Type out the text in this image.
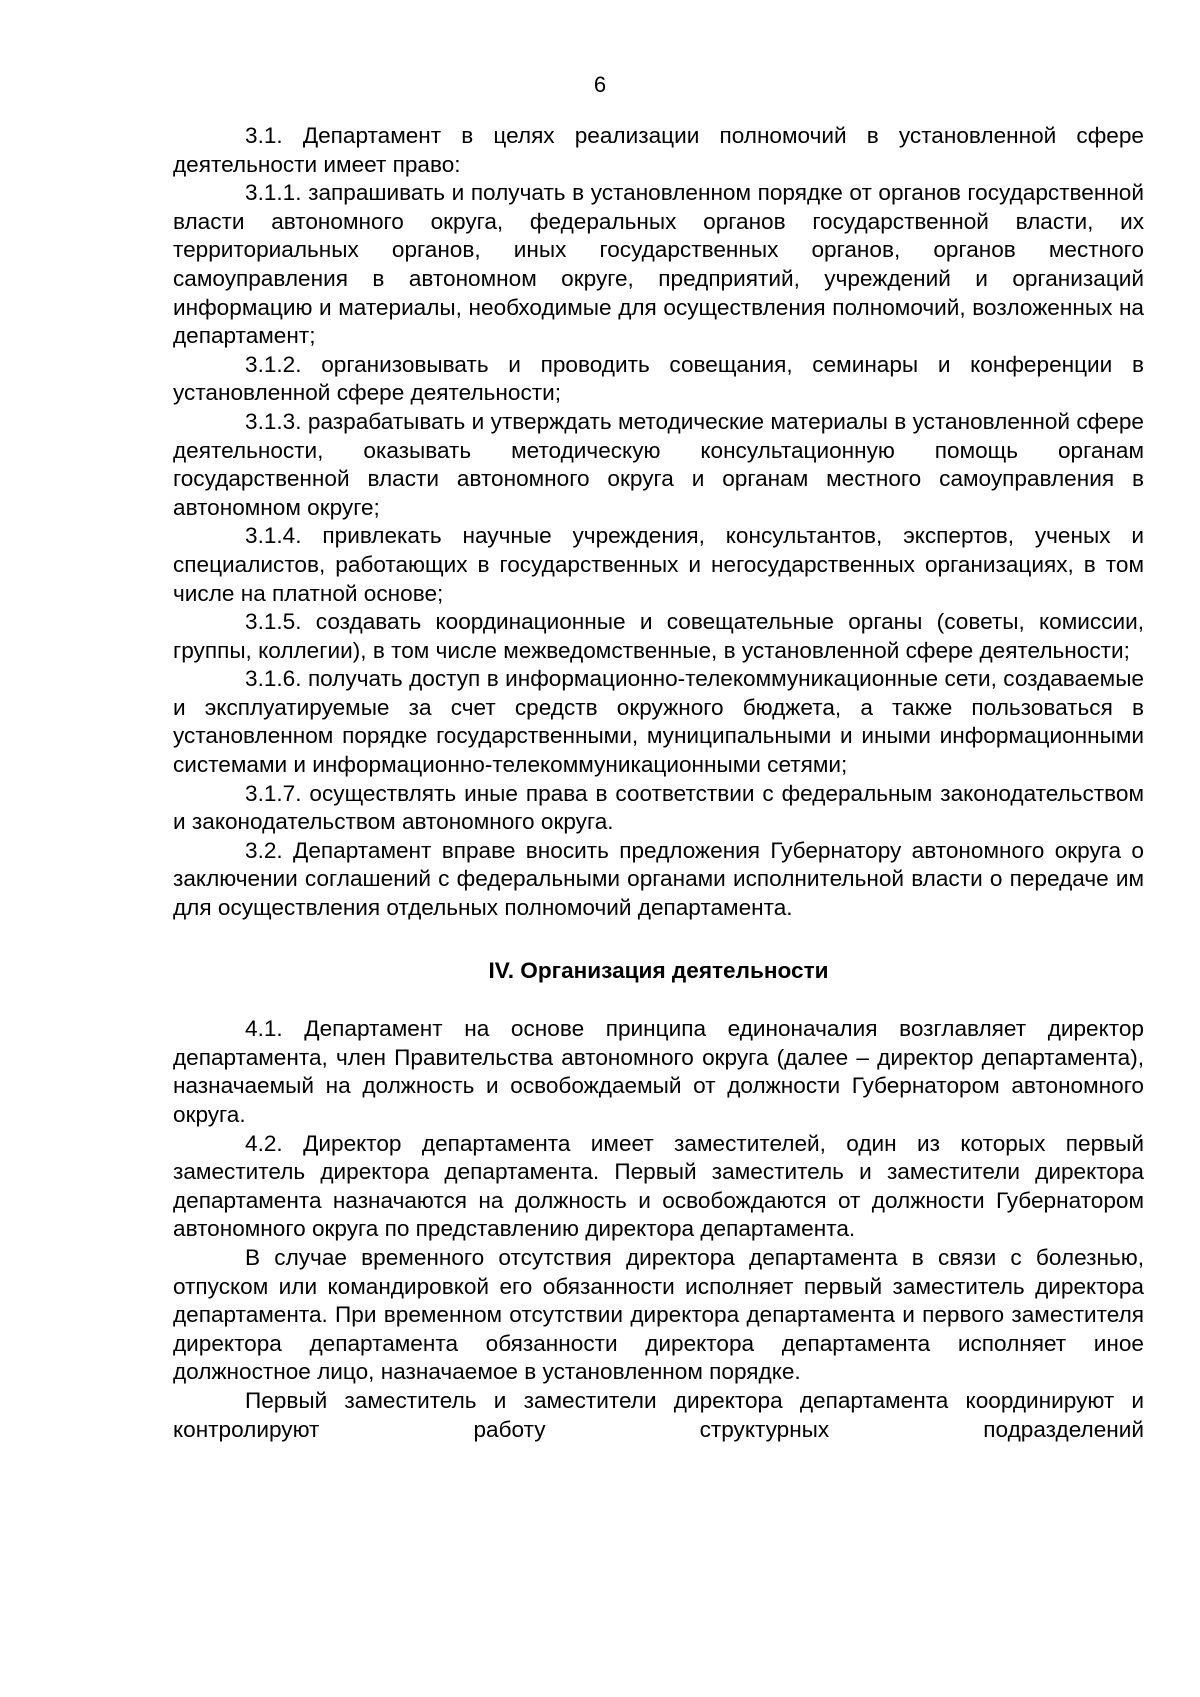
6

3.1. Департамент в целях реализации полномочий в установленной сфере деятельности имеет право:

3.1.1. запрашивать и получать в установленном порядке от органов государственной власти автономного округа, федеральных органов государственной власти, их территориальных органов, иных государственных органов, органов местного самоуправления в автономном округе, предприятий, учреждений и организаций информацию и материалы, необходимые для осуществления полномочий, возложенных на департамент;

3.1.2. организовывать и проводить совещания, семинары и конференции в установленной сфере деятельности;

3.1.3. разрабатывать и утверждать методические материалы в установленной сфере деятельности, оказывать методическую консультационную помощь органам государственной власти автономного округа и органам местного самоуправления в автономном округе;

3.1.4. привлекать научные учреждения, консультантов, экспертов, ученых и специалистов, работающих в государственных и негосударственных организациях, в том числе на платной основе;

3.1.5. создавать координационные и совещательные органы (советы, комиссии, группы, коллегии), в том числе межведомственные, в установленной сфере деятельности;

3.1.6. получать доступ в информационно-телекоммуникационные сети, создаваемые и эксплуатируемые за счет средств окружного бюджета, а также пользоваться в установленном порядке государственными, муниципальными и иными информационными системами и информационно-телекоммуникационными сетями;

3.1.7. осуществлять иные права в соответствии с федеральным законодательством и законодательством автономного округа.

3.2. Департамент вправе вносить предложения Губернатору автономного округа о заключении соглашений с федеральными органами исполнительной власти о передаче им для осуществления отдельных полномочий департамента.

IV. Организация деятельности

4.1. Департамент на основе принципа единоначалия возглавляет директор департамента, член Правительства автономного округа (далее – директор департамента), назначаемый на должность и освобождаемый от должности Губернатором автономного округа.

4.2. Директор департамента имеет заместителей, один из которых первый заместитель директора департамента. Первый заместитель и заместители директора департамента назначаются на должность и освобождаются от должности Губернатором автономного округа по представлению директора департамента.

В случае временного отсутствия директора департамента в связи с болезнью, отпуском или командировкой его обязанности исполняет первый заместитель директора департамента. При временном отсутствии директора департамента и первого заместителя директора департамента обязанности директора департамента исполняет иное должностное лицо, назначаемое в установленном порядке.

Первый заместитель и заместители директора департамента координируют и контролируют работу структурных подразделений
